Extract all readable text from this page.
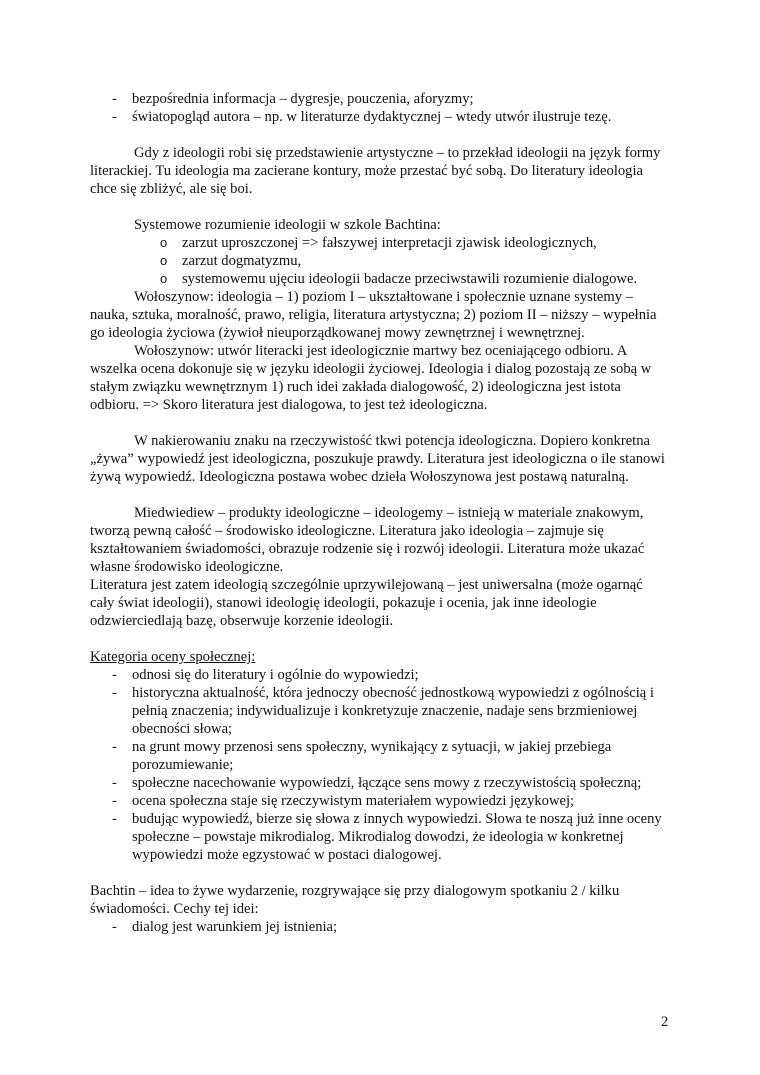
- bezpośrednia informacja – dygresje, pouczenia, aforyzmy;
- światopogląd autora – np. w literaturze dydaktycznej – wtedy utwór ilustruje tezę.
Gdy z ideologii robi się przedstawienie artystyczne – to przekład ideologii na język formy literackiej. Tu ideologia ma zacierane kontury, może przestać być sobą. Do literatury ideologia chce się zbliżyć, ale się boi.
Systemowe rozumienie ideologii w szkole Bachtina:
o zarzut uproszczonej => fałszywej interpretacji zjawisk ideologicznych,
o zarzut dogmatyzmu,
o systemowemu ujęciu ideologii badacze przeciwstawili rozumienie dialogowe.
Wołoszynow: ideologia – 1) poziom I – ukształtowane i społecznie uznane systemy – nauka, sztuka, moralność, prawo, religia, literatura artystyczna; 2) poziom II – niższy – wypełnia go ideologia życiowa (żywioł nieuporządkowanej mowy zewnętrznej i wewnętrznej.
Wołoszynow: utwór literacki jest ideologicznie martwy bez oceniającego odbioru. A wszelka ocena dokonuje się w języku ideologii życiowej. Ideologia i dialog pozostają ze sobą w stałym związku wewnętrznym 1) ruch idei zakłada dialogowość, 2) ideologiczna jest istota odbioru. => Skoro literatura jest dialogowa, to jest też ideologiczna.
W nakierowaniu znaku na rzeczywistość tkwi potencja ideologiczna. Dopiero konkretna „żywa” wypowiedź jest ideologiczna, poszukuje prawdy. Literatura jest ideologiczna o ile stanowi żywą wypowiedź. Ideologiczna postawa wobec dzieła Wołoszynowa jest postawą naturalną.
Miedwiediew – produkty ideologiczne – ideologemy – istnieją w materiale znakowym, tworzą pewną całość – środowisko ideologiczne. Literatura jako ideologia – zajmuje się kształtowaniem świadomości, obrazuje rodzenie się i rozwój ideologii. Literatura może ukazać własne środowisko ideologiczne.
Literatura jest zatem ideologią szczególnie uprzywilejowaną – jest uniwersalna (może ogarnąć cały świat ideologii), stanowi ideologię ideologii, pokazuje i ocenia, jak inne ideologie odzwierciedlają bazę, obserwuje korzenie ideologii.
Kategoria oceny społecznej:
- odnosi się do literatury i ogólnie do wypowiedzi;
- historyczna aktualność, która jednoczy obecność jednostkową wypowiedzi z ogólnością i pełnią znaczenia; indywidualizuje i konkretyzuje znaczenie, nadaje sens brzmieniowej obecności słowa;
- na grunt mowy przenosi sens społeczny, wynikający z sytuacji, w jakiej przebiega porozumiewanie;
- społeczne nacechowanie wypowiedzi, łączące sens mowy z rzeczywistością społeczną;
- ocena społeczna staje się rzeczywistym materiałem wypowiedzi językowej;
- budując wypowiedź, bierze się słowa z innych wypowiedzi. Słowa te noszą już inne oceny społeczne – powstaje mikrodialog. Mikrodialog dowodzi, że ideologia w konkretnej wypowiedzi może egzystować w postaci dialogowej.
Bachtin – idea to żywe wydarzenie, rozgrywające się przy dialogowym spotkaniu 2 / kilku świadomości. Cechy tej idei:
- dialog jest warunkiem jej istnienia;
2
